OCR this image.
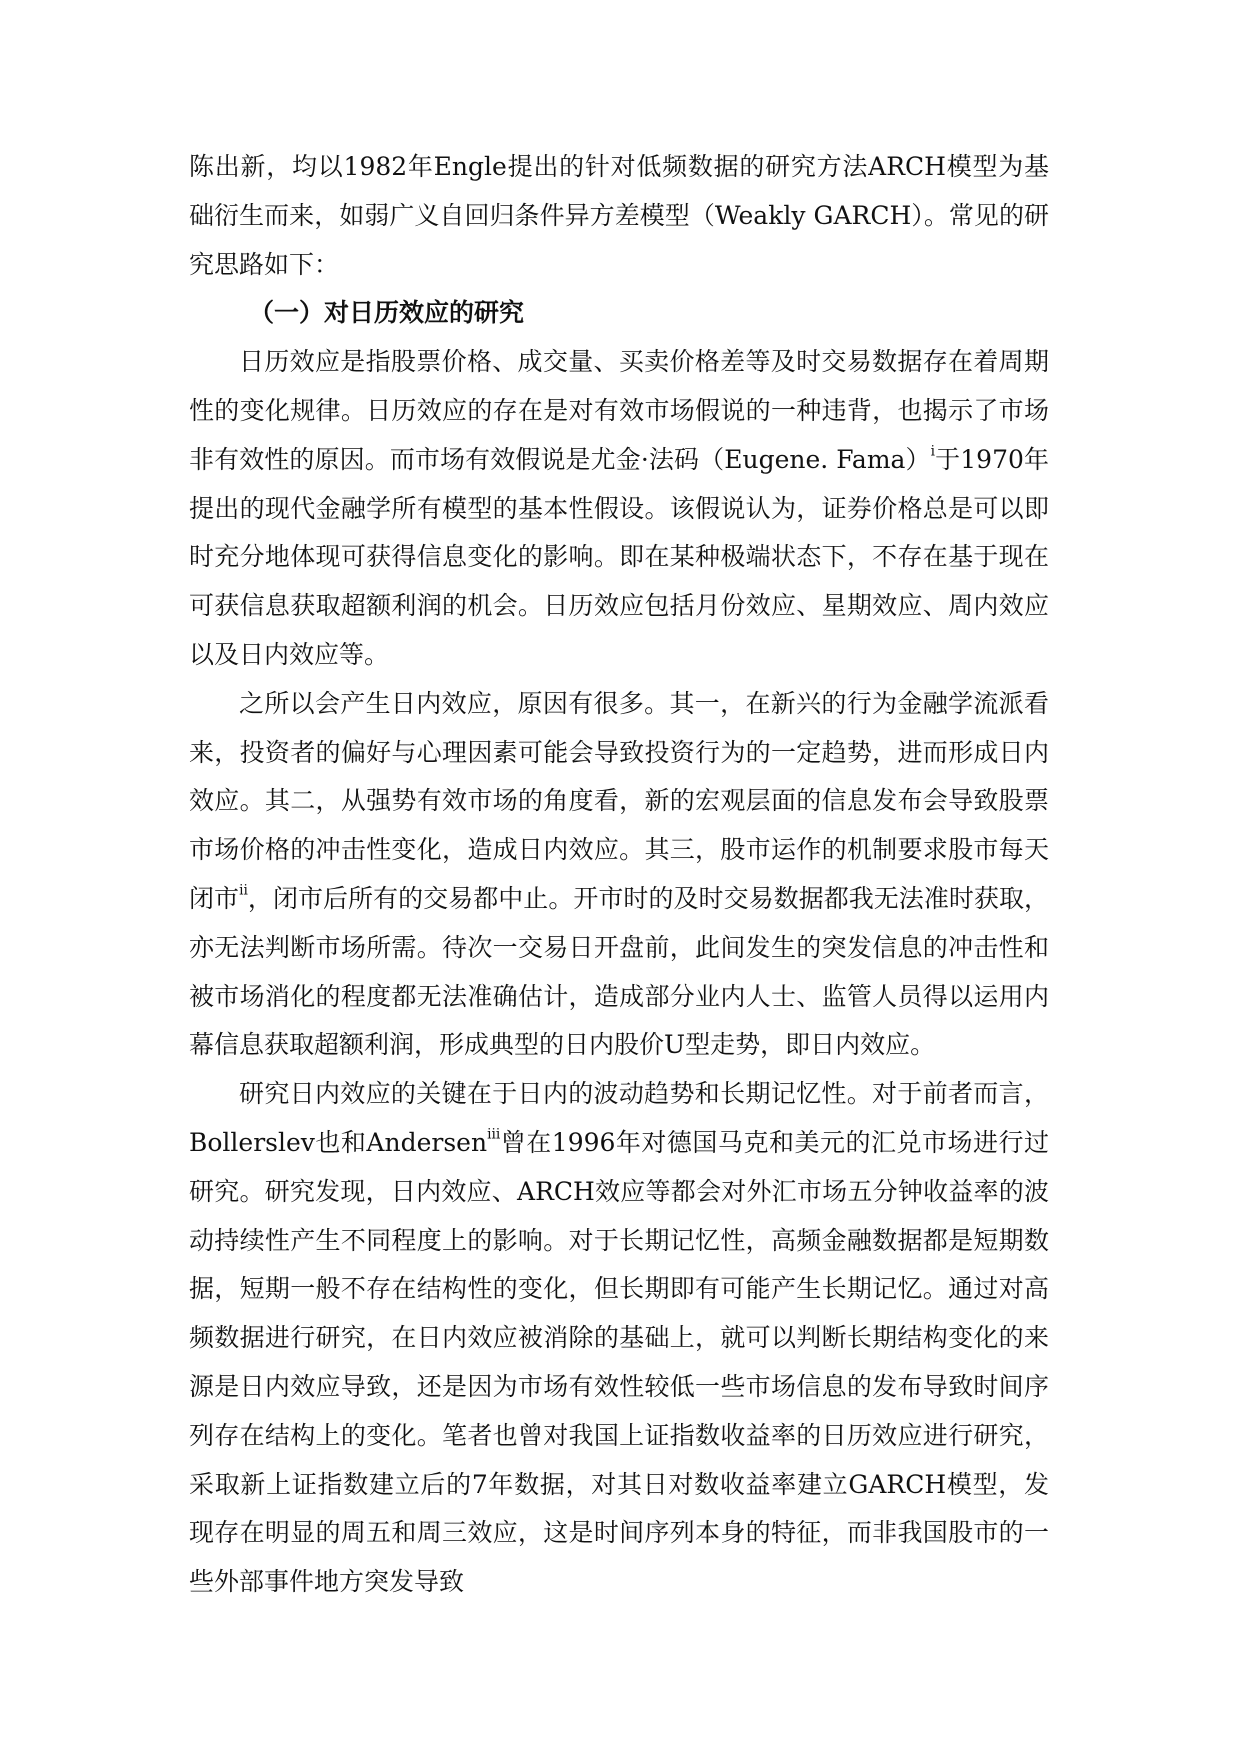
陈出新，均以1982年Engle提出的针对低频数据的研究方法ARCH模型为基础衍生而来，如弱广义自回归条件异方差模型（Weakly GARCH）。常见的研究思路如下：

（一）对日历效应的研究

日历效应是指股票价格、成交量、买卖价格差等及时交易数据存在着周期性的变化规律。日历效应的存在是对有效市场假说的一种违背，也揭示了市场非有效性的原因。而市场有效假说是尤金·法码（Eugene. Fama）$^i$于1970年提出的现代金融学所有模型的基本性假设。该假说认为，证券价格总是可以即时充分地体现可获得信息变化的影响。即在某种极端状态下，不存在基于现在可获信息获取超额利润的机会。日历效应包括月份效应、星期效应、周内效应以及日内效应等。

之所以会产生日内效应，原因有很多。其一，在新兴的行为金融学流派看来，投资者的偏好与心理因素可能会导致投资行为的一定趋势，进而形成日内效应。其二，从强势有效市场的角度看，新的宏观层面的信息发布会导致股票市场价格的冲击性变化，造成日内效应。其三，股市运作的机制要求股市每天闭市$^{ii}$，闭市后所有的交易都中止。开市时的及时交易数据都我无法准时获取，亦无法判断市场所需。待次一交易日开盘前，此间发生的突发信息的冲击性和被市场消化的程度都无法准确估计，造成部分业内人士、监管人员得以运用内幕信息获取超额利润，形成典型的日内股价U型走势，即日内效应。

研究日内效应的关键在于日内的波动趋势和长期记忆性。对于前者而言，Bollerslev也和Andersen$^{iii}$曾在1996年对德国马克和美元的汇兑市场进行过研究。研究发现，日内效应、ARCH效应等都会对外汇市场五分钟收益率的波动持续性产生不同程度上的影响。对于长期记忆性，高频金融数据都是短期数据，短期一般不存在结构性的变化，但长期即有可能产生长期记忆。通过对高频数据进行研究，在日内效应被消除的基础上，就可以判断长期结构变化的来源是日内效应导致，还是因为市场有效性较低一些市场信息的发布导致时间序列存在结构上的变化。笔者也曾对我国上证指数收益率的日历效应进行研究，采取新上证指数建立后的7年数据，对其日对数收益率建立GARCH模型，发现存在明显的周五和周三效应，这是时间序列本身的特征，而非我国股市的一些外部事件地方突发导致
